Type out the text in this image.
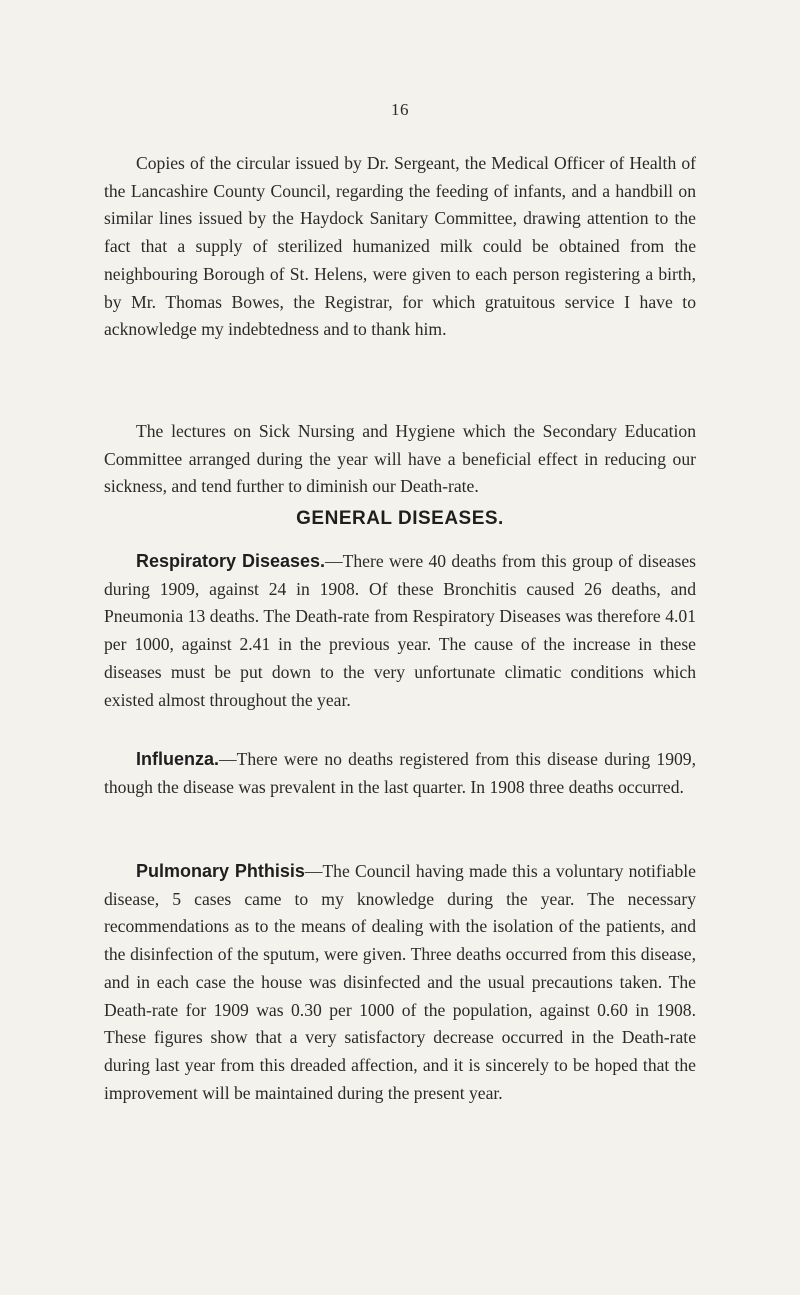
16

Copies of the circular issued by Dr. Sergeant, the Medical Officer of Health of the Lancashire County Council, regarding the feeding of infants, and a handbill on similar lines issued by the Haydock Sanitary Committee, drawing attention to the fact that a supply of sterilized humanized milk could be obtained from the neighbouring Borough of St. Helens, were given to each person registering a birth, by Mr. Thomas Bowes, the Registrar, for which gratuitous service I have to acknowledge my indebtedness and to thank him.

The lectures on Sick Nursing and Hygiene which the Secondary Education Committee arranged during the year will have a beneficial effect in reducing our sickness, and tend further to diminish our Death-rate.

GENERAL DISEASES.

Respiratory Diseases.—There were 40 deaths from this group of diseases during 1909, against 24 in 1908. Of these Bronchitis caused 26 deaths, and Pneumonia 13 deaths. The Death-rate from Respiratory Diseases was therefore 4.01 per 1000, against 2.41 in the previous year. The cause of the increase in these diseases must be put down to the very unfortunate climatic conditions which existed almost throughout the year.

Influenza.—There were no deaths registered from this disease during 1909, though the disease was prevalent in the last quarter. In 1908 three deaths occurred.

Pulmonary Phthisis—The Council having made this a voluntary notifiable disease, 5 cases came to my knowledge during the year. The necessary recommendations as to the means of dealing with the isolation of the patients, and the disinfection of the sputum, were given. Three deaths occurred from this disease, and in each case the house was disinfected and the usual precautions taken. The Death-rate for 1909 was 0.30 per 1000 of the population, against 0.60 in 1908. These figures show that a very satisfactory decrease occurred in the Death-rate during last year from this dreaded affection, and it is sincerely to be hoped that the improvement will be maintained during the present year.
